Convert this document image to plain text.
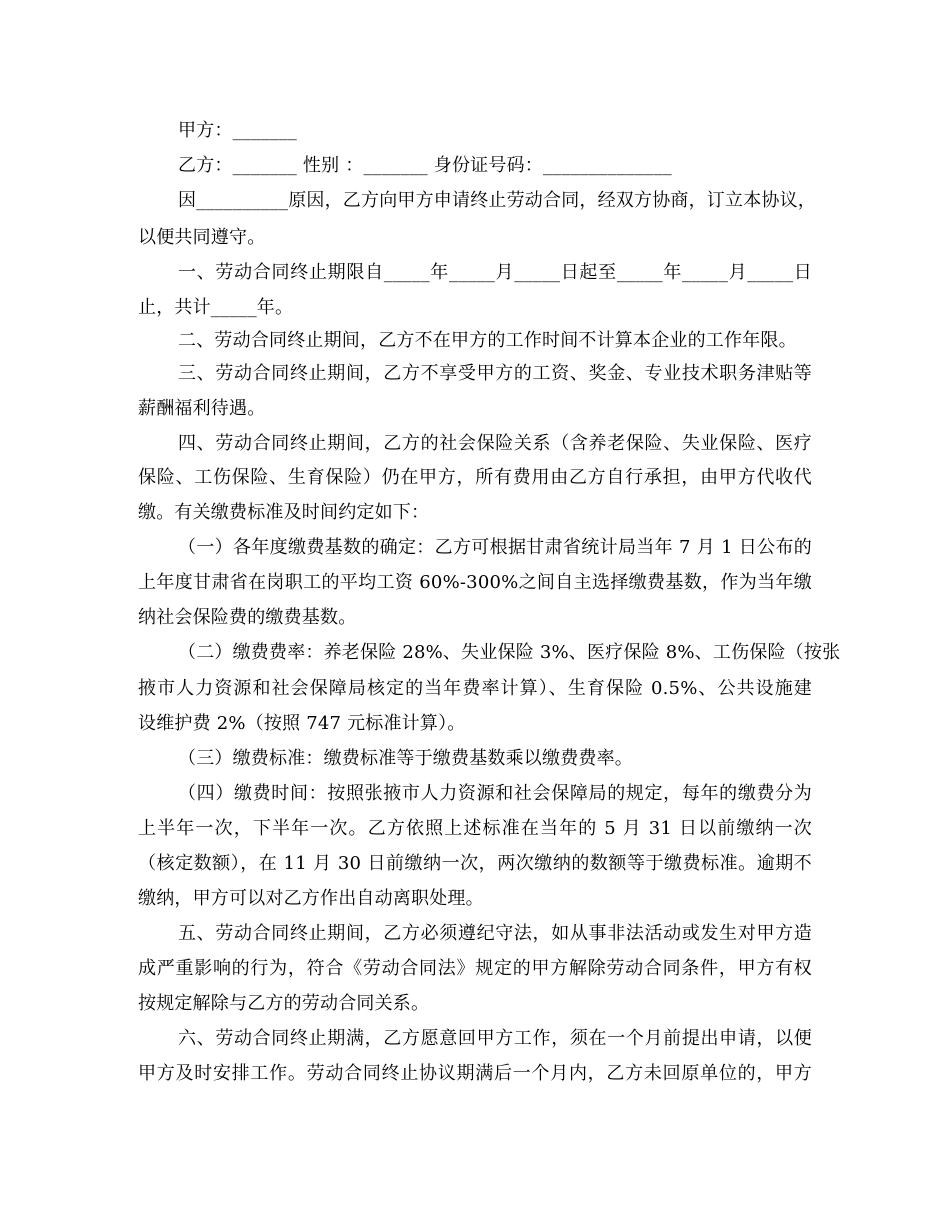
甲方：_______
乙方：_______ 性别 ：_______ 身份证号码：______________
因__________原因，乙方向甲方申请终止劳动合同，经双方协商，订立本协议，
以便共同遵守。
一、劳动合同终止期限自_____年_____月_____日起至_____年_____月_____日
止，共计_____年。
二、劳动合同终止期间，乙方不在甲方的工作时间不计算本企业的工作年限。
三、劳动合同终止期间，乙方不享受甲方的工资、奖金、专业技术职务津贴等
薪酬福利待遇。
四、劳动合同终止期间，乙方的社会保险关系（含养老保险、失业保险、医疗
保险、工伤保险、生育保险）仍在甲方，所有费用由乙方自行承担，由甲方代收代
缴。有关缴费标准及时间约定如下：
（一）各年度缴费基数的确定：乙方可根据甘肃省统计局当年 7 月 1 日公布的
上年度甘肃省在岗职工的平均工资 60%-300%之间自主选择缴费基数，作为当年缴
纳社会保险费的缴费基数。
（二）缴费费率：养老保险 28%、失业保险 3%、医疗保险 8%、工伤保险（按张
掖市人力资源和社会保障局核定的当年费率计算）、生育保险 0.5%、公共设施建
设维护费 2%（按照 747 元标准计算）。
（三）缴费标准：缴费标准等于缴费基数乘以缴费费率。
（四）缴费时间：按照张掖市人力资源和社会保障局的规定，每年的缴费分为
上半年一次，下半年一次。乙方依照上述标准在当年的 5 月 31 日以前缴纳一次
（核定数额），在 11 月 30 日前缴纳一次，两次缴纳的数额等于缴费标准。逾期不
缴纳，甲方可以对乙方作出自动离职处理。
五、劳动合同终止期间，乙方必须遵纪守法，如从事非法活动或发生对甲方造
成严重影响的行为，符合《劳动合同法》规定的甲方解除劳动合同条件，甲方有权
按规定解除与乙方的劳动合同关系。
六、劳动合同终止期满，乙方愿意回甲方工作，须在一个月前提出申请，以便
甲方及时安排工作。劳动合同终止协议期满后一个月内，乙方未回原单位的，甲方
